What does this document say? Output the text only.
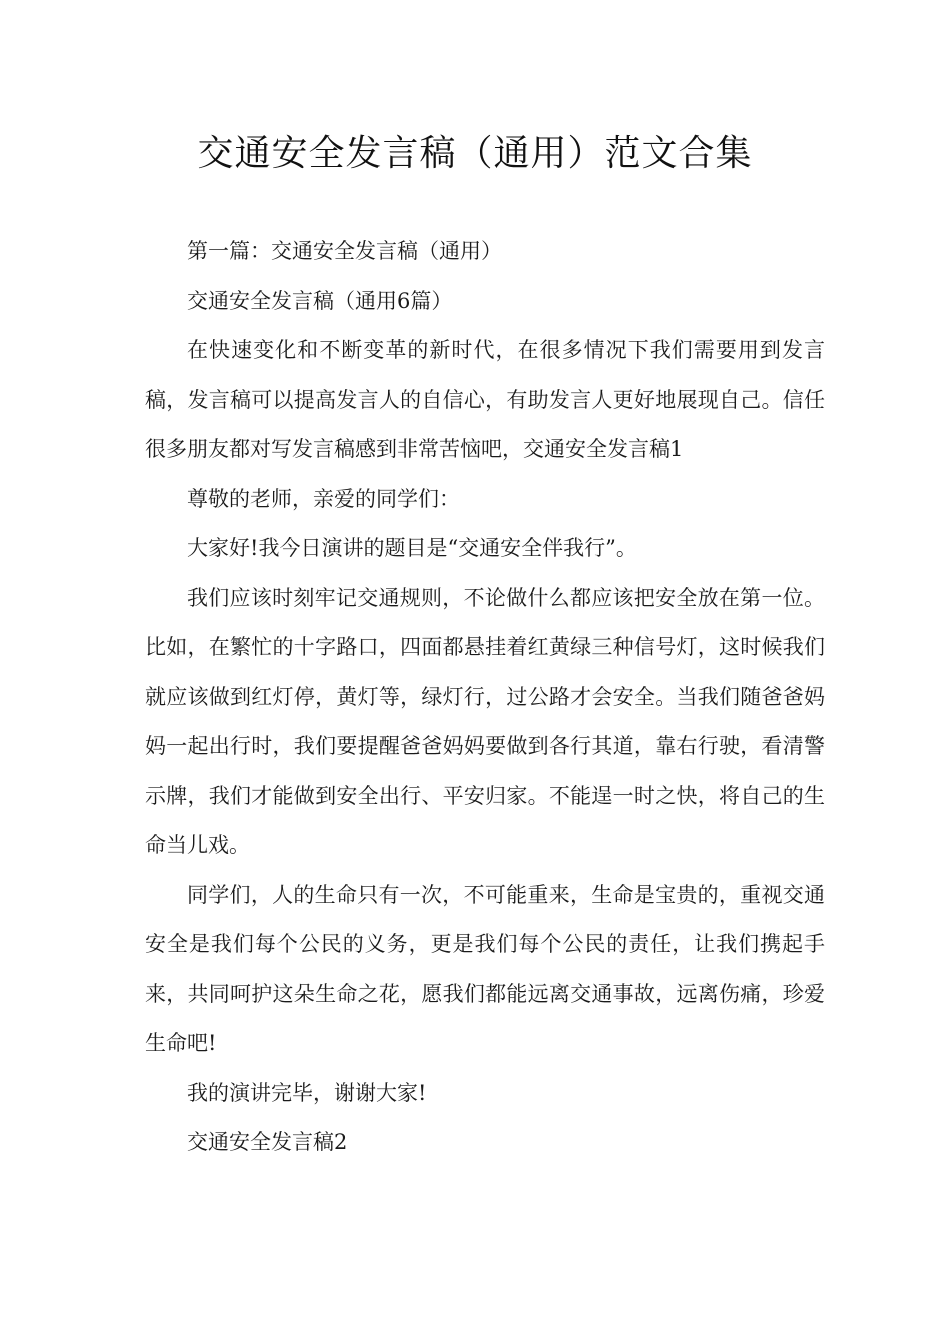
交通安全发言稿（通用）范文合集

第一篇：交通安全发言稿（通用）

交通安全发言稿（通用6篇）

在快速变化和不断变革的新时代，在很多情况下我们需要用到发言稿，发言稿可以提高发言人的自信心，有助发言人更好地展现自己。信任很多朋友都对写发言稿感到非常苦恼吧，交通安全发言稿1

尊敬的老师，亲爱的同学们：

大家好!我今日演讲的题目是“交通安全伴我行”。

我们应该时刻牢记交通规则，不论做什么都应该把安全放在第一位。比如，在繁忙的十字路口，四面都悬挂着红黄绿三种信号灯，这时候我们就应该做到红灯停，黄灯等，绿灯行，过公路才会安全。当我们随爸爸妈妈一起出行时，我们要提醒爸爸妈妈要做到各行其道，靠右行驶，看清警示牌，我们才能做到安全出行、平安归家。不能逞一时之快，将自己的生命当儿戏。

同学们，人的生命只有一次，不可能重来，生命是宝贵的，重视交通安全是我们每个公民的义务，更是我们每个公民的责任，让我们携起手来，共同呵护这朵生命之花，愿我们都能远离交通事故，远离伤痛，珍爱生命吧!

我的演讲完毕，谢谢大家!

交通安全发言稿2
